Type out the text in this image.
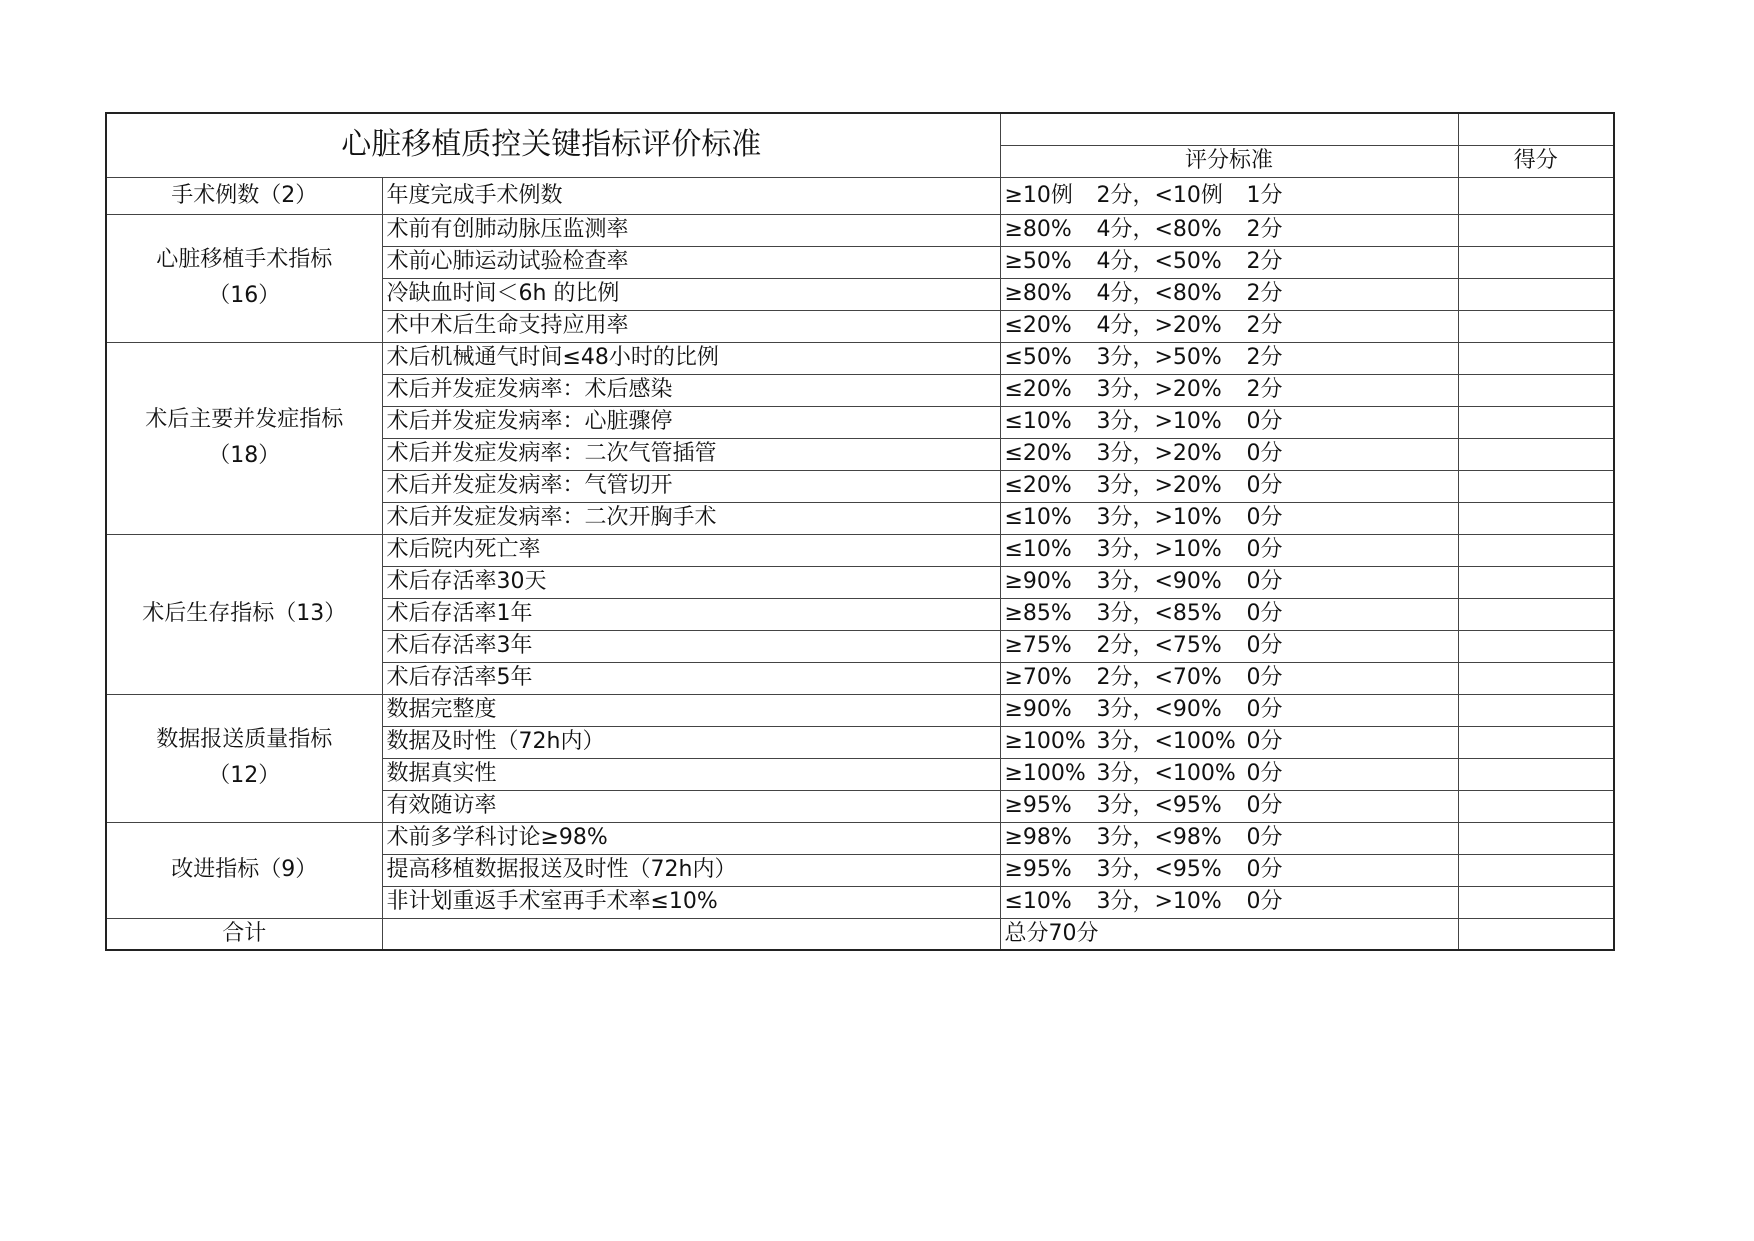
心脏移植质控关键指标评价标准			
		评分标准	得分

手术例数（2）	年度完成手术例数	≥10例 2分，<10例 1分	

心脏移植手术指标
（16）	术前有创肺动脉压监测率	≥80% 4分，<80% 2分	
	术前心肺运动试验检查率	≥50% 4分，<50% 2分	
	冷缺血时间＜6h 的比例	≥80% 4分，<80% 2分	
	术中术后生命支持应用率	≤20% 4分，>20% 2分	

术后主要并发症指标
（18）	术后机械通气时间≤48小时的比例	≤50% 3分，>50% 2分	
	术后并发症发病率：术后感染	≤20% 3分，>20% 2分	
	术后并发症发病率：心脏骤停	≤10% 3分，>10% 0分	
	术后并发症发病率：二次气管插管	≤20% 3分，>20% 0分	
	术后并发症发病率：气管切开	≤20% 3分，>20% 0分	
	术后并发症发病率：二次开胸手术	≤10% 3分，>10% 0分	

术后生存指标（13）	术后院内死亡率	≤10% 3分，>10% 0分	
	术后存活率30天	≥90% 3分，<90% 0分	
	术后存活率1年	≥85% 3分，<85% 0分	
	术后存活率3年	≥75% 2分，<75% 0分	
	术后存活率5年	≥70% 2分，<70% 0分	

数据报送质量指标
（12）	数据完整度	≥90% 3分，<90% 0分	
	数据及时性（72h内）	≥100% 3分，<100% 0分	
	数据真实性	≥100% 3分，<100% 0分	
	有效随访率	≥95% 3分，<95% 0分	

改进指标（9）	术前多学科讨论≥98%	≥98% 3分，<98% 0分	
	提高移植数据报送及时性（72h内）	≥95% 3分，<95% 0分	
	非计划重返手术室再手术率≤10%	≤10% 3分，>10% 0分	
合计		总分70分	
